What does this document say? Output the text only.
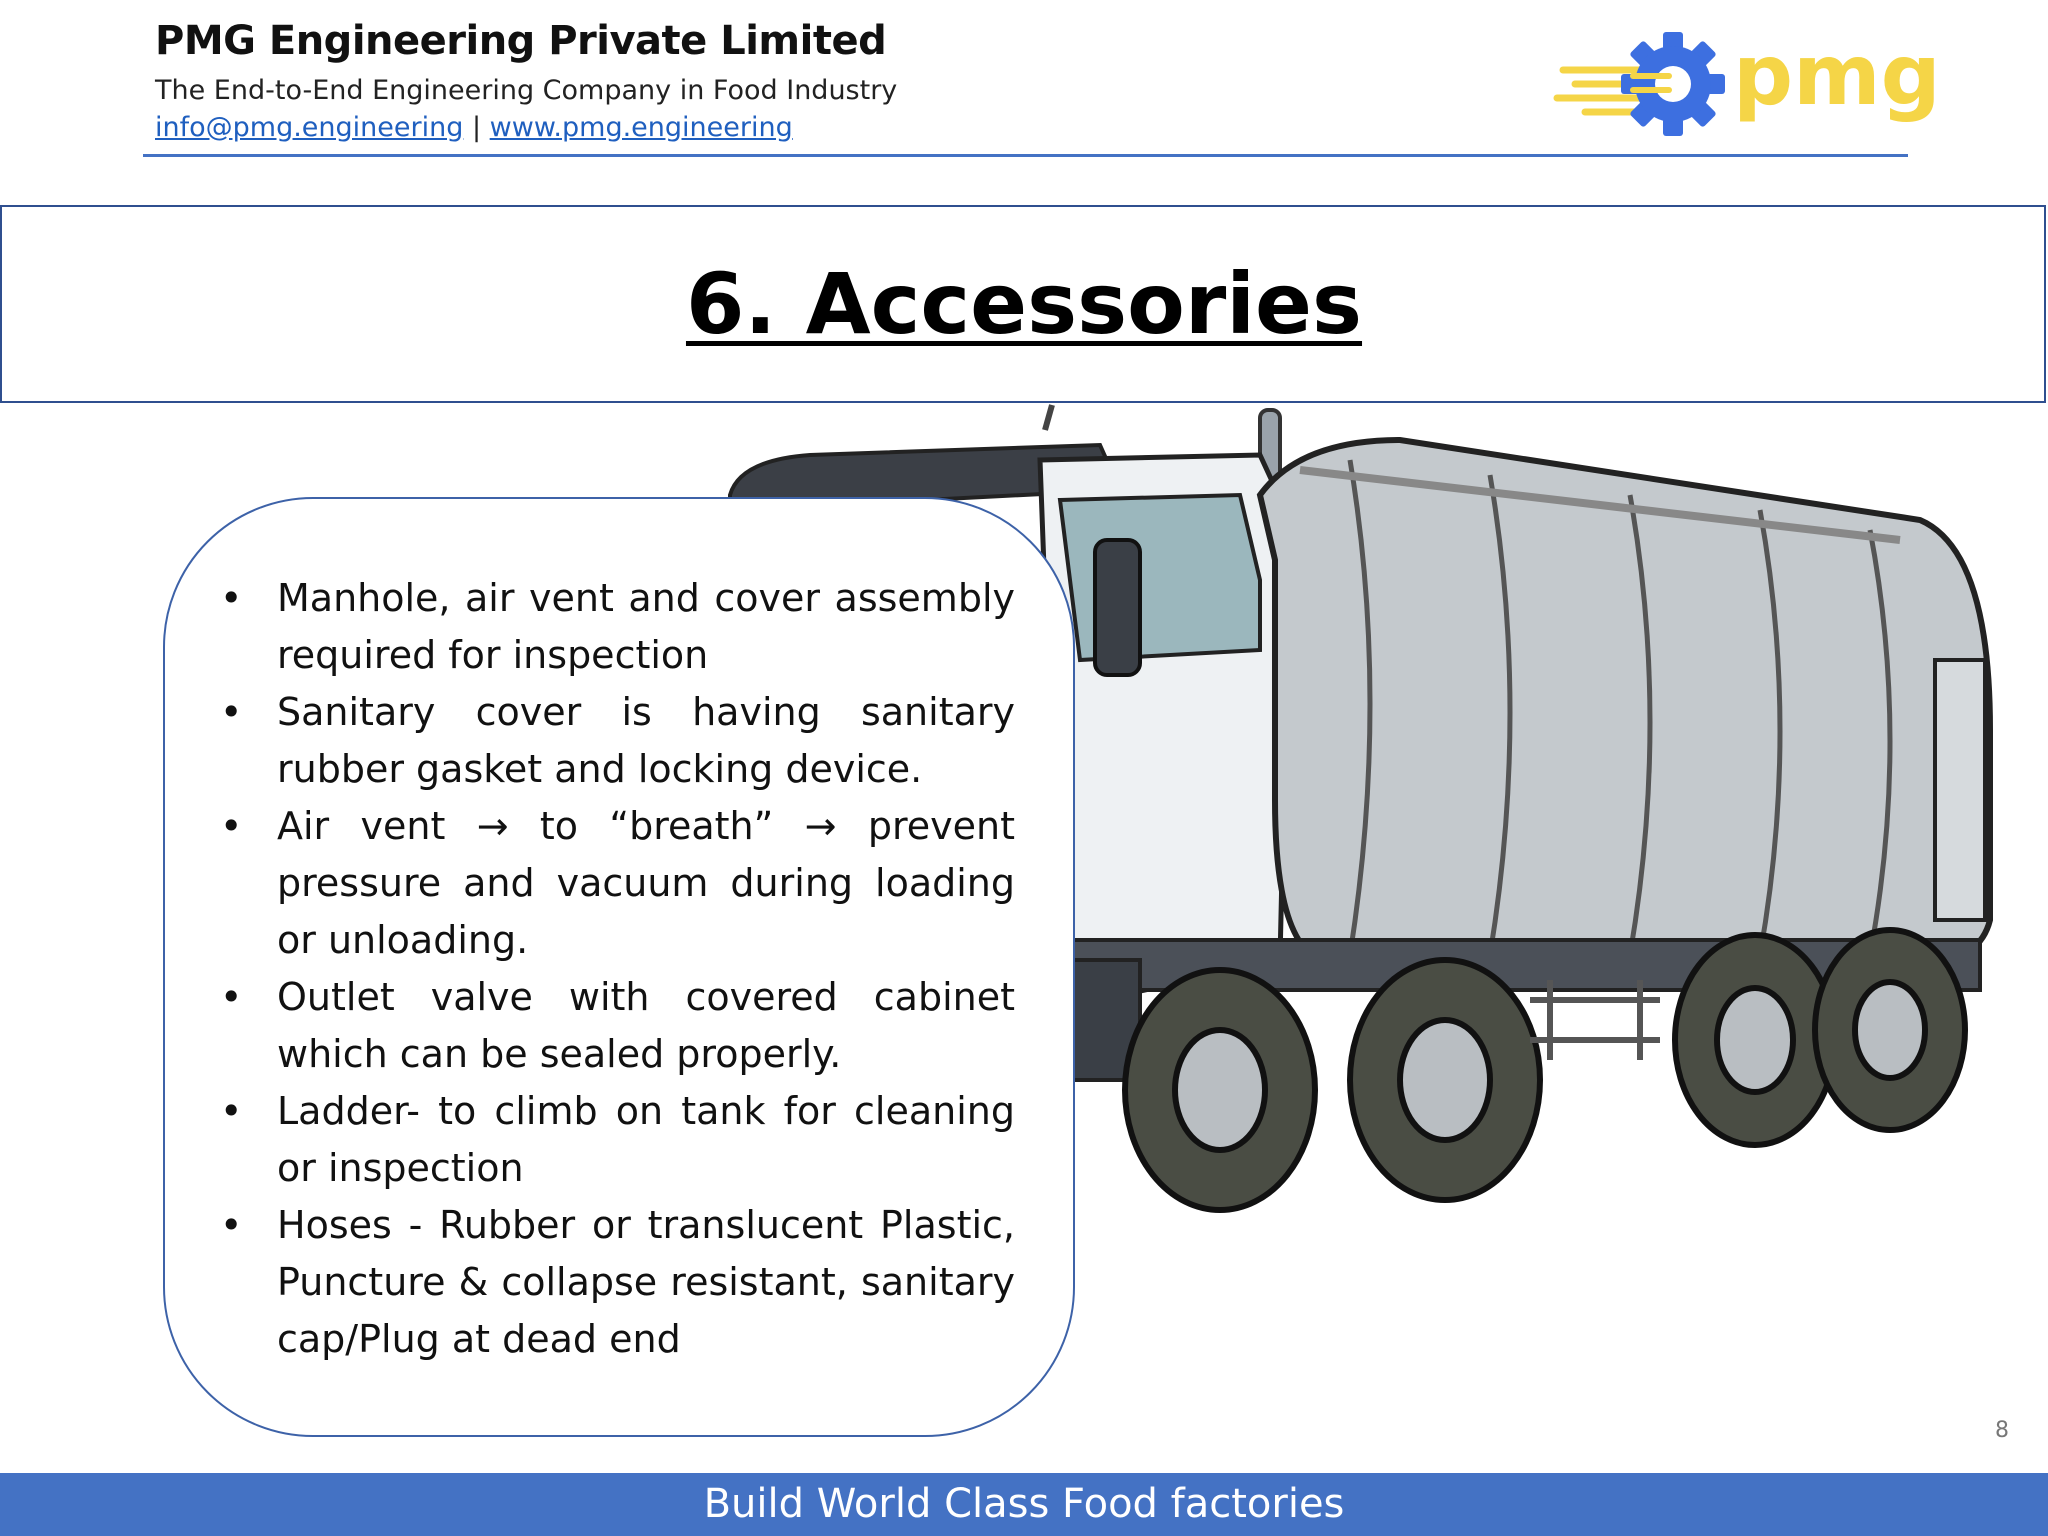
PMG Engineering Private Limited
The End-to-End Engineering Company in Food Industry
info@pmg.engineering | www.pmg.engineering
pmg
6. Accessories
• Manhole, air vent and cover assembly required for inspection
• Sanitary cover is having sanitary rubber gasket and locking device.
• Air vent → to “breath” → prevent pressure and vacuum during loading or unloading.
• Outlet valve with covered cabinet which can be sealed properly.
• Ladder- to climb on tank for cleaning or inspection
• Hoses - Rubber or translucent Plastic, Puncture & collapse resistant, sanitary cap/Plug at dead end
8
Build World Class Food factories
